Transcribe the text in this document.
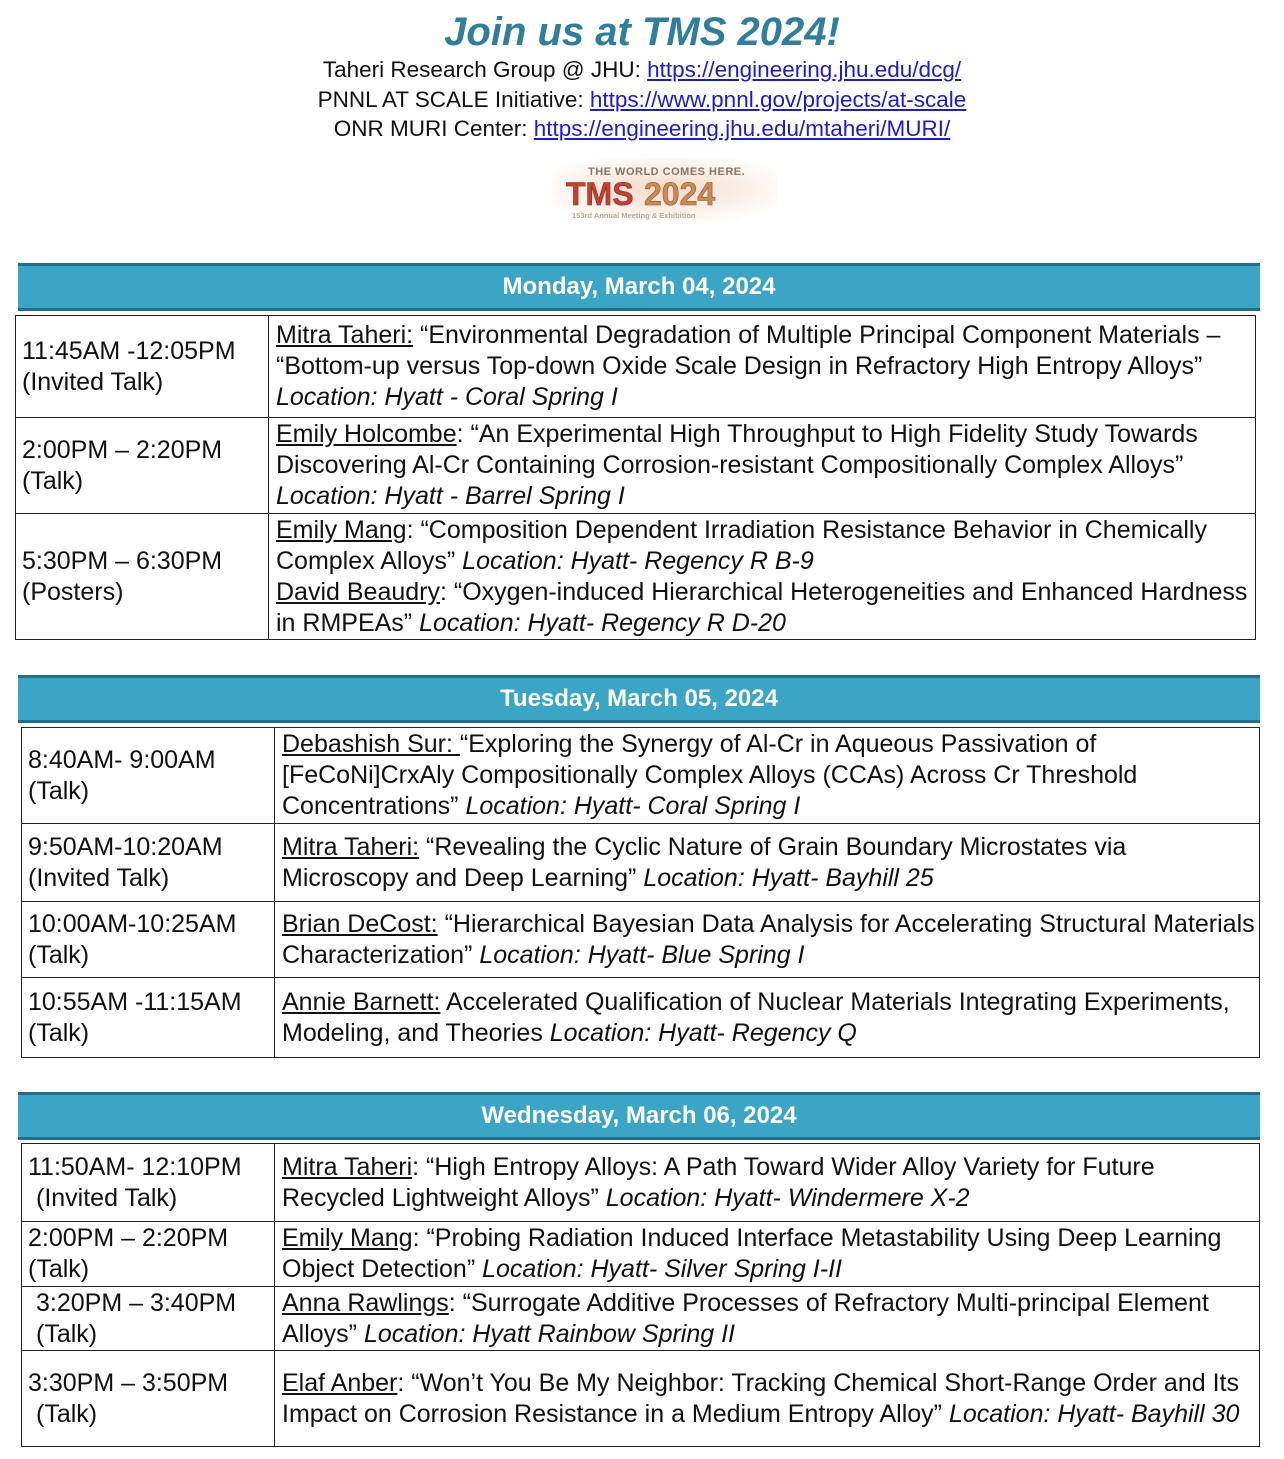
Join us at TMS 2024!
Taheri Research Group @ JHU: https://engineering.jhu.edu/dcg/
PNNL AT SCALE Initiative: https://www.pnnl.gov/projects/at-scale
ONR MURI Center: https://engineering.jhu.edu/mtaheri/MURI/
THE WORLD COMES HERE.
TMS 2024
153rd Annual Meeting & Exhibition
Monday, March 04, 2024
11:45AM -12:05PM
(Invited Talk)	Mitra Taheri: “Environmental Degradation of Multiple Principal Component Materials – “Bottom-up versus Top-down Oxide Scale Design in Refractory High Entropy Alloys” Location: Hyatt - Coral Spring I

2:00PM – 2:20PM
(Talk)	Emily Holcombe: “An Experimental High Throughput to High Fidelity Study Towards Discovering Al-Cr Containing Corrosion-resistant Compositionally Complex Alloys” Location: Hyatt - Barrel Spring I

5:30PM – 6:30PM
(Posters)	Emily Mang: “Composition Dependent Irradiation Resistance Behavior in Chemically Complex Alloys” Location: Hyatt- Regency R B-9
David Beaudry: “Oxygen-induced Hierarchical Heterogeneities and Enhanced Hardness in RMPEAs” Location: Hyatt- Regency R D-20
Tuesday, March 05, 2024
8:40AM- 9:00AM
(Talk)	Debashish Sur: “Exploring the Synergy of Al-Cr in Aqueous Passivation of [FeCoNi]CrxAly Compositionally Complex Alloys (CCAs) Across Cr Threshold Concentrations” Location: Hyatt- Coral Spring I

9:50AM-10:20AM
(Invited Talk)	Mitra Taheri: “Revealing the Cyclic Nature of Grain Boundary Microstates via Microscopy and Deep Learning” Location: Hyatt- Bayhill 25

10:00AM-10:25AM
(Talk)	Brian DeCost: “Hierarchical Bayesian Data Analysis for Accelerating Structural Materials Characterization” Location: Hyatt- Blue Spring I

10:55AM -11:15AM
(Talk)	Annie Barnett: Accelerated Qualification of Nuclear Materials Integrating Experiments, Modeling, and Theories Location: Hyatt- Regency Q
Wednesday, March 06, 2024
11:50AM- 12:10PM
(Invited Talk)	Mitra Taheri: “High Entropy Alloys: A Path Toward Wider Alloy Variety for Future Recycled Lightweight Alloys” Location: Hyatt- Windermere X-2

2:00PM – 2:20PM
(Talk)	Emily Mang: “Probing Radiation Induced Interface Metastability Using Deep Learning Object Detection” Location: Hyatt- Silver Spring I-II

3:20PM – 3:40PM
(Talk)	Anna Rawlings: “Surrogate Additive Processes of Refractory Multi-principal Element Alloys” Location: Hyatt Rainbow Spring II

3:30PM – 3:50PM
(Talk)	Elaf Anber: “Won’t You Be My Neighbor: Tracking Chemical Short-Range Order and Its Impact on Corrosion Resistance in a Medium Entropy Alloy” Location: Hyatt- Bayhill 30
